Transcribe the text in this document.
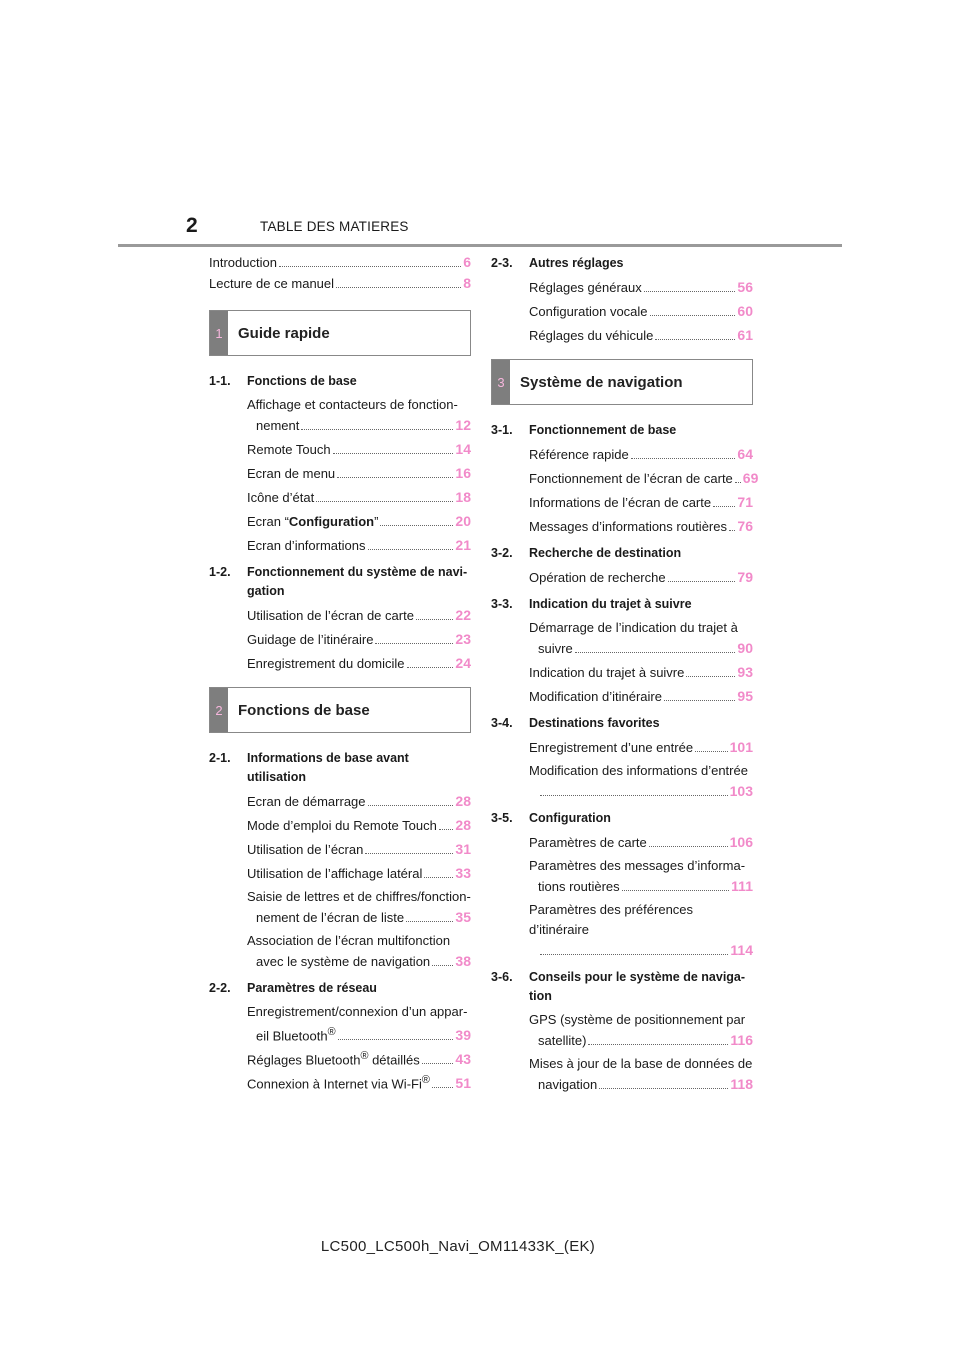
2	TABLE DES MATIERES
Introduction	6
Lecture de ce manuel	8
1	Guide rapide
1-1.	Fonctions de base
Affichage et contacteurs de fonction-
nement	12
Remote Touch	14
Ecran de menu	16
Icône d’état	18
Ecran “Configuration”	20
Ecran d’informations	21
1-2.	Fonctionnement du système de navi-
gation
Utilisation de l’écran de carte	22
Guidage de l’itinéraire	23
Enregistrement du domicile	24
2	Fonctions de base
2-1.	Informations de base avant utilisation
Ecran de démarrage	28
Mode d’emploi du Remote Touch 28
Utilisation de l’écran	31
Utilisation de l’affichage latéral 33
Saisie de lettres et de chiffres/fonction-
nement de l’écran de liste	35
Association de l’écran multifonction
avec le système de navigation 38
2-2.	Paramètres de réseau
Enregistrement/connexion d’un appar-
eil Bluetooth®	39
Réglages Bluetooth® détaillés	43
Connexion à Internet via Wi-Fi® 51
2-3.	Autres réglages
Réglages généraux	56
Configuration vocale	60
Réglages du véhicule	61
3	Système de navigation
3-1.	Fonctionnement de base
Référence rapide	64
Fonctionnement de l’écran de carte 69
Informations de l’écran de carte 71
Messages d’informations routières 76
3-2.	Recherche de destination
Opération de recherche	79
3-3.	Indication du trajet à suivre
Démarrage de l’indication du trajet à
suivre	90
Indication du trajet à suivre	93
Modification d’itinéraire	95
3-4.	Destinations favorites
Enregistrement d’une entrée	101
Modification des informations d’entrée
103
3-5.	Configuration
Paramètres de carte	106
Paramètres des messages d’informa-
tions routières	111
Paramètres des préférences d’itinéraire
114
3-6.	Conseils pour le système de naviga-
tion
GPS (système de positionnement par
satellite)	116
Mises à jour de la base de données de
navigation	118
LC500_LC500h_Navi_OM11433K_(EK)
